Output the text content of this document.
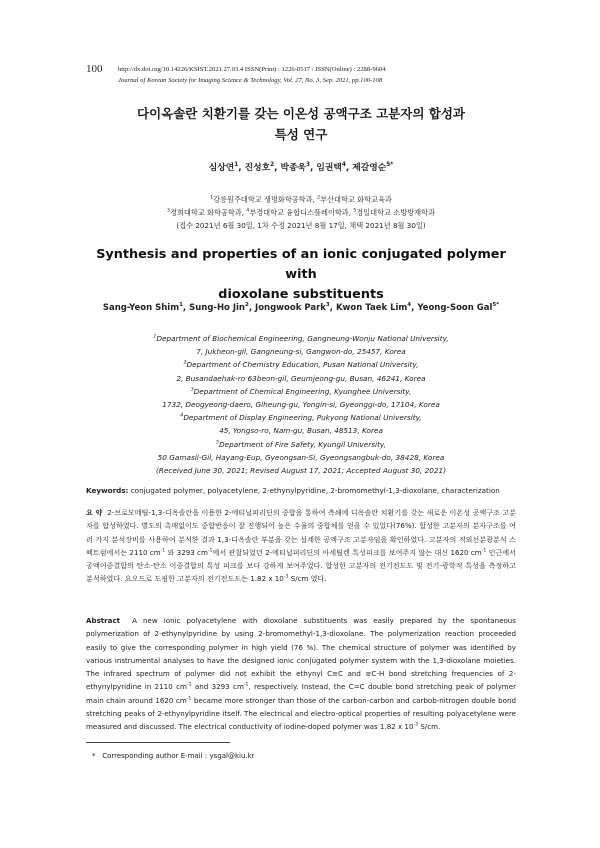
100 http://dx.doi.org/10.14226/KSIST.2021.27.03.4 ISSN(Print) : 1226-0517 / ISSN(Online) : 2288-9604
Journal of Korean Society for Imaging Science & Technology, Vol. 27, No. 3, Sep. 2021, pp.100-108
다이옥솔란 치환기를 갖는 이온성 공액구조 고분자의 합성과
특성 연구
심상연$^1$, 진성호$^2$, 박종욱$^3$, 임권택$^4$, 제갈영순$^{5*}$
$^1$강릉원주대학교 생명화학공학과, $^2$부산대학교 화학교육과
$^3$경희대학교 화학공학과, $^4$부경대학교 융합디스플레이학과, $^5$경일대학교 소방방재학과
(접수 2021년 6월 30일, 1차 수정 2021년 8월 17일, 채택 2021년 8월 30일)
Synthesis and properties of an ionic conjugated polymer with
dioxolane substituents
Sang-Yeon Shim$^1$, Sung-Ho Jin$^2$, Jongwook Park$^3$, Kwon Taek Lim$^4$, Yeong-Soon Gal$^{5*}$
$^1$Department of Biochemical Engineering, Gangneung-Wonju National University,
7, Jukheon-gil, Gangneung-si, Gangwon-do, 25457, Korea
$^2$Department of Chemistry Education, Pusan National University,
2, Busandaehak-ro 63beon-gil, Geumjeong-gu, Busan, 46241, Korea
$^3$Department of Chemical Engineering, Kyunghee University,
1732, Deogyeong-daero, Giheung-gu, Yongin-si, Gyeonggi-do, 17104, Korea
$^4$Department of Display Engineering, Pukyong National University,
45, Yongso-ro, Nam-gu, Busan, 48513, Korea
$^5$Department of Fire Safety, Kyungil University,
50 Gamasil-Gil, Hayang-Eup, Gyeongsan-Si, Gyeongsangbuk-do, 38428, Korea
(Received June 30, 2021; Revised August 17, 2021; Accepted August 30, 2021)
Keywords: conjugated polymer, polyacetylene, 2-ethynylpyridine, 2-bromomethyl-1,3-dioxolane, characterization
요 약 2-브로모메틸-1,3-디옥솔란을 이용한 2-에티닐피리딘의 중합을 통하여 측쇄에 디옥솔란 치환기를 갖는 새로운 이온성 공액구조 고분자를 합성하였다. 별도의 촉매없이도 중합반응이 잘 진행되어 높은 수율의 중합체를 얻을 수 있었다(76%). 합성한 고분자의 분자구조를 여러 가지 분석장비를 사용하여 분석한 결과 1,3-디옥솔란 부분을 갖는 설계한 공액구조 고분자임을 확인하였다. 고분자의 적외선분광분석 스펙트럼에서는 2110 $cm^{-1}$ 와 3293 $cm^{-1}$에서 관찰되었던 2-에티닐피리딘의 아세틸렌 특성피크를 보여주지 않는 대신 1620 $cm^{-1}$ 인근에서 공액이중결합의 탄소-탄소 이중결합의 특성 피크를 보다 강하게 보여주었다. 합성한 고분자의 전기전도도 및 전기-광학적 특성을 측정하고 분석하였다. 요오드로 도핑한 고분자의 전기전도도는 1.82 x $10^{-3}$ S/cm 였다.
Abstract A new ionic polyacetylene with dioxolane substituents was easily prepared by the spontaneous polymerization of 2-ethynylpyridine by using 2-bromomethyl-1,3-dioxolane. The polymerization reaction proceeded easily to give the corresponding polymer in high yield (76 %). The chemical structure of polymer was identified by various instrumental analyses to have the designed ionic conjugated polymer system with the 1,3-dioxolane moieties. The infrared spectrum of polymer did not exhibit the ethynyl C≡C and ≡C-H bond stretching frequencies of 2-ethynylpyridine in 2110 $cm^{-1}$ and 3293 $cm^{-1}$, respectively. Instead, the C=C double bond stretching peak of polymer main chain around 1620 $cm^{-1}$ became more stronger than those of the carbon-carbon and carbob-nitrogen double bond stretching peaks of 2-ethynylpyridine itself. The electrical and electro-optical properties of resulting polyacetylene were measured and discussed. The electrical conductivity of iodine-doped polymer was 1.82 x $10^{-3}$ S/cm.
* Corresponding author E-mail : ysgal@kiu.kr
